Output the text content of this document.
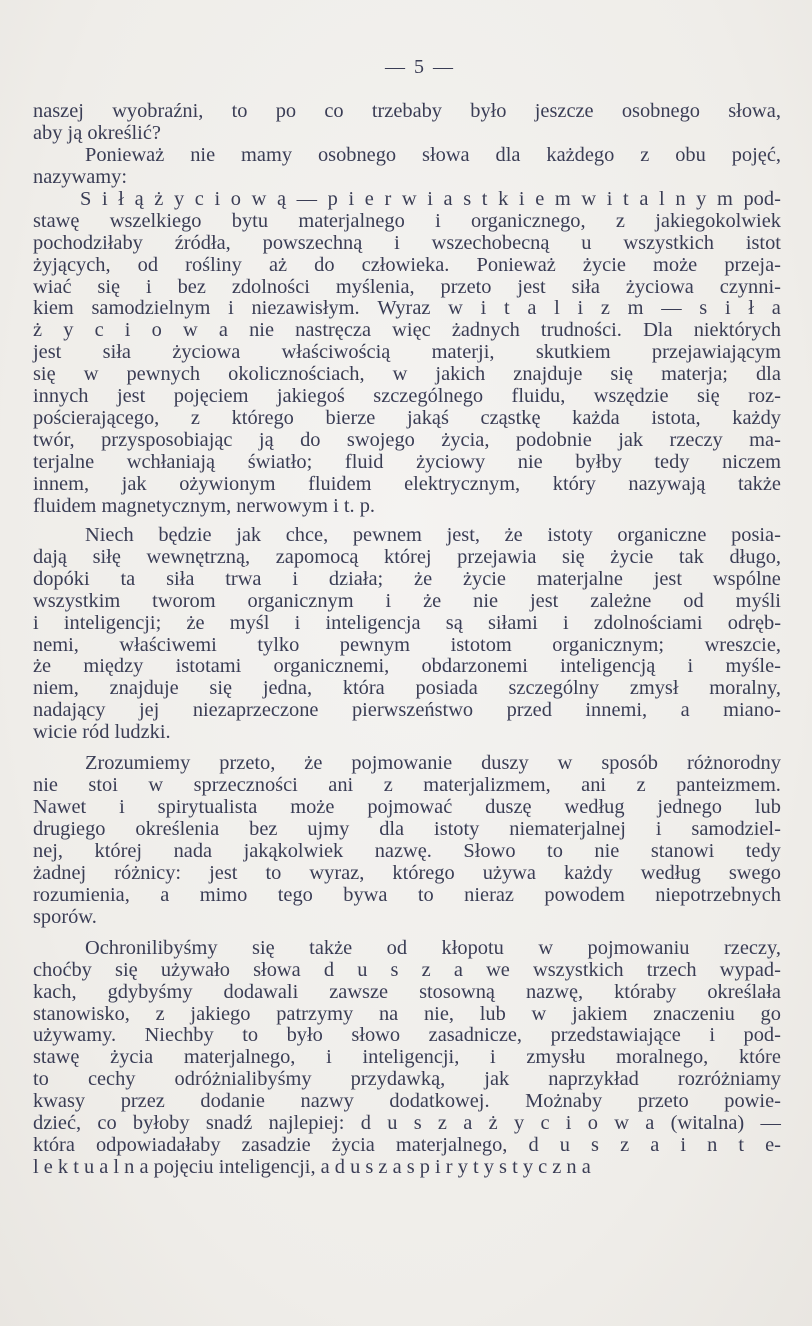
— 5 —
naszej wyobraźni, to po co trzebaby było jeszcze osobnego słowa,
aby ją określić?
Ponieważ nie mamy osobnego słowa dla każdego z obu pojęć,
nazywamy:
S i ł ą ż y c i o w ą — p i e r w i a s t k i e m w i t a l n y m pod-
stawę wszelkiego bytu materjalnego i organicznego, z jakiegokolwiek
pochodziłaby źródła, powszechną i wszechobecną u wszystkich istot
żyjących, od rośliny aż do człowieka. Ponieważ życie może przeja-
wiać się i bez zdolności myślenia, przeto jest siła życiowa czynni-
kiem samodzielnym i niezawisłym. Wyraz w i t a l i z m — s i ł a
ż y c i o w a nie nastręcza więc żadnych trudności. Dla niektórych
jest siła życiowa właściwością materji, skutkiem przejawiającym
się w pewnych okolicznościach, w jakich znajduje się materja; dla
innych jest pojęciem jakiegoś szczególnego fluidu, wszędzie się roz-
pościerającego, z którego bierze jakąś cząstkę każda istota, każdy
twór, przysposobiając ją do swojego życia, podobnie jak rzeczy ma-
terjalne wchłaniają światło; fluid życiowy nie byłby tedy niczem
innem, jak ożywionym fluidem elektrycznym, który nazywają także
fluidem magnetycznym, nerwowym i t. p.
Niech będzie jak chce, pewnem jest, że istoty organiczne posia-
dają siłę wewnętrzną, zapomocą której przejawia się życie tak długo,
dopóki ta siła trwa i działa; że życie materjalne jest wspólne
wszystkim tworom organicznym i że nie jest zależne od myśli
i inteligencji; że myśl i inteligencja są siłami i zdolnościami odręb-
nemi, właściwemi tylko pewnym istotom organicznym; wreszcie,
że między istotami organicznemi, obdarzonemi inteligencją i myśle-
niem, znajduje się jedna, która posiada szczególny zmysł moralny,
nadający jej niezaprzeczone pierwszeństwo przed innemi, a miano-
wicie ród ludzki.
Zrozumiemy przeto, że pojmowanie duszy w sposób różnorodny
nie stoi w sprzeczności ani z materjalizmem, ani z panteizmem.
Nawet i spirytualista może pojmować duszę według jednego lub
drugiego określenia bez ujmy dla istoty niematerjalnej i samodziel-
nej, której nada jakąkolwiek nazwę. Słowo to nie stanowi tedy
żadnej różnicy: jest to wyraz, którego używa każdy według swego
rozumienia, a mimo tego bywa to nieraz powodem niepotrzebnych
sporów.
Ochronilibyśmy się także od kłopotu w pojmowaniu rzeczy,
choćby się używało słowa d u s z a we wszystkich trzech wypad-
kach, gdybyśmy dodawali zawsze stosowną nazwę, któraby określała
stanowisko, z jakiego patrzymy na nie, lub w jakiem znaczeniu go
używamy. Niechby to było słowo zasadnicze, przedstawiające i pod-
stawę życia materjalnego, i inteligencji, i zmysłu moralnego, które
to cechy odróżnialibyśmy przydawką, jak naprzykład rozróżniamy
kwasy przez dodanie nazwy dodatkowej. Możnaby przeto powie-
dzieć, co byłoby snadź najlepiej: d u s z a ż y c i o w a (witalna) —
która odpowiadałaby zasadzie życia materjalnego, d u s z a i n t e-
l e k t u a l n a pojęciu inteligencji, a d u s z a s p i r y t y s t y c z n a
